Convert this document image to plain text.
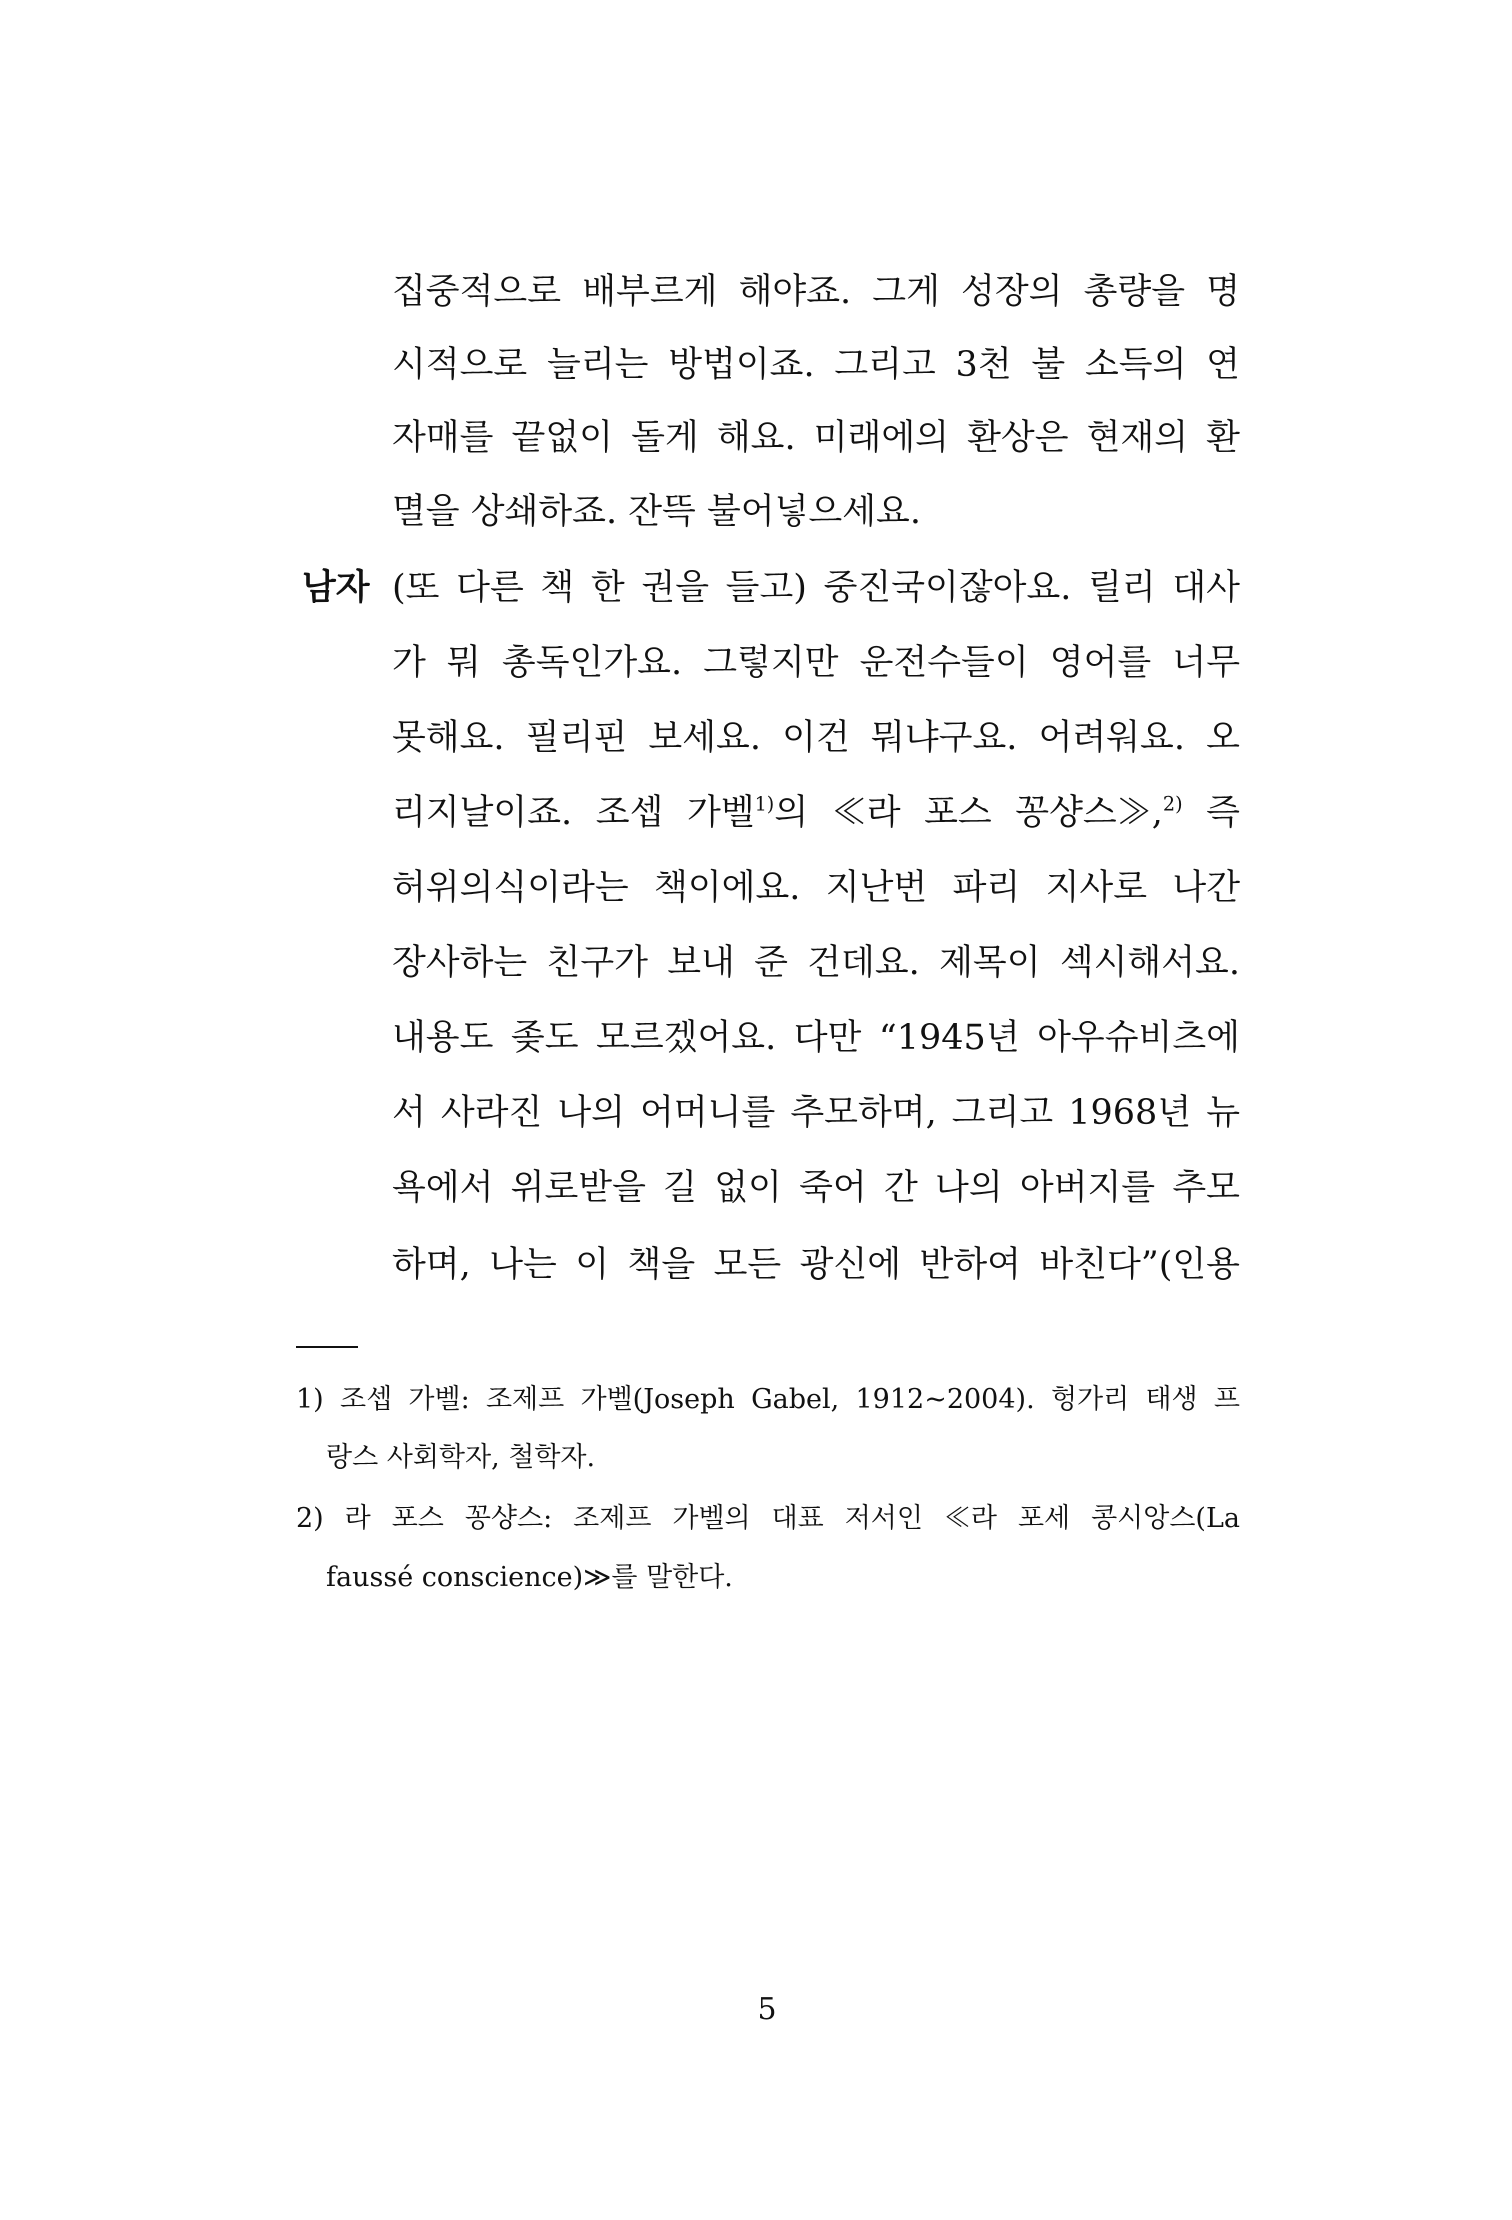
집중적으로 배부르게 해야죠. 그게 성장의 총량을 명
시적으로 늘리는 방법이죠. 그리고 3천 불 소득의 연
자매를 끝없이 돌게 해요. 미래에의 환상은 현재의 환
멸을 상쇄하죠. 잔뜩 불어넣으세요.
남자 (또 다른 책 한 권을 들고) 중진국이잖아요. 릴리 대사
가 뭐 총독인가요. 그렇지만 운전수들이 영어를 너무
못해요. 필리핀 보세요. 이건 뭐냐구요. 어려워요. 오
리지날이죠. 조셉 가벨$^{1)}$의 ≪라 포스 꽁샹스≫,$^{2)}$ 즉
허위의식이라는 책이에요. 지난번 파리 지사로 나간
장사하는 친구가 보내 준 건데요. 제목이 섹시해서요.
내용도 좆도 모르겠어요. 다만 “1945년 아우슈비츠에
서 사라진 나의 어머니를 추모하며, 그리고 1968년 뉴
욕에서 위로받을 길 없이 죽어 간 나의 아버지를 추모
하며, 나는 이 책을 모든 광신에 반하여 바친다”(인용
1) 조셉 가벨: 조제프 가벨(Joseph Gabel, 1912~2004). 헝가리 태생 프
랑스 사회학자, 철학자.
2) 라 포스 꽁샹스: 조제프 가벨의 대표 저서인 ≪라 포세 콩시앙스(La
faussé conscience)≫를 말한다.
5
